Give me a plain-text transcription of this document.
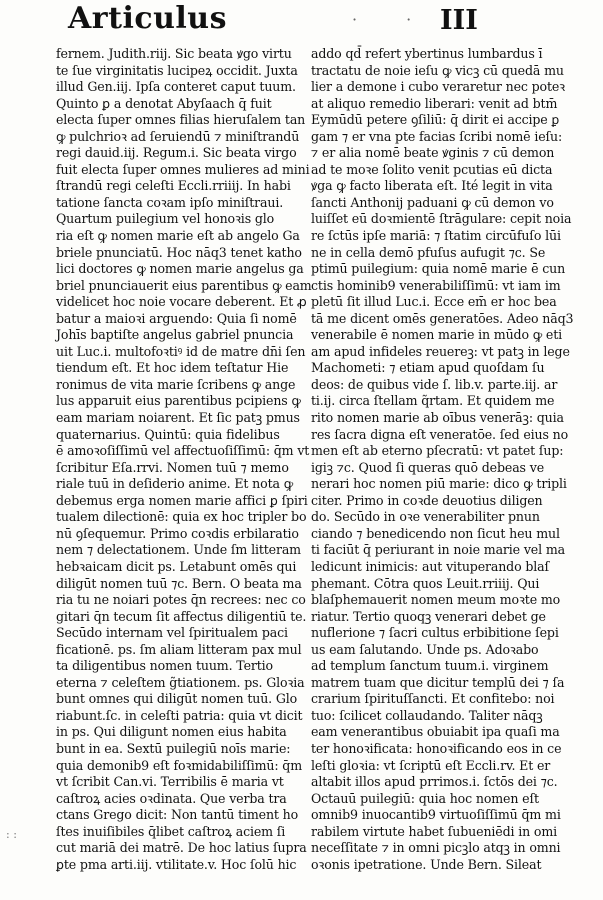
Articulus	· · III
fernem. Judith.riij. Sic beata ꝟgo virtu
te ſue virginitatis lucipeꝝ occidit. Juxta
illud Gen.iij. Ipſa conteret caput tuum.
Quinto ꝑ a denotat Abyſaach q̄ fuit
electa ſuper omnes filias hieruſalem tan
ꝙ pulchrioꝛ ad ſeruiendū ⁊ miniſtrandū
regi dauid.iij. Regum.i. Sic beata virgo
fuit electa ſuper omnes mulieres ad mini
ſtrandū regi celeſti Eccli.rriiij. In habi
tatione ſancta coꝛam ipſo miniſtraui.
Quartum puilegium vel honoꝛis glo
ria eſt ꝙ nomen marie eſt ab angelo Ga
briele pnunciatū. Hoc nāq3 tenet katho
lici doctores ꝙ nomen marie angelus ga
briel pnunciauerit eius parentibus ꝙ eam
videlicet hoc noie vocare deberent. Et ꝓ
batur a maioꝛi arguendo: Quia ſi nomē
Johīs baptiſte angelus gabriel pnuncia
uit Luc.i. multofoꝛtiꝰ id de matre dn̄i ſen
tiendum eſt. Et hoc idem teſtatur Hie
ronimus de vita marie ſcribens ꝙ ange
lus apparuit eius parentibus pcipiens ꝙ
eam mariam noiarent. Et ſic patꝫ pmus
quaternarius. Quintū: quia fidelibus
ē amoꝛoſiſſimū vel affectuoſiſſimū: q̄m vt
ſcribitur Eſa.rrvi. Nomen tuū ⁊ memo
riale tuū in deſiderio anime. Et nota ꝙ
debemus erga nomen marie affici ꝑ ſpiri
tualem dilectionē: quia ex hoc tripler bo
nū ꝯſequemur. Primo coꝛdis erbilaratio
nem ⁊ delectationem. Unde ſm litteram
hebꝛaicam dicit ps. Letabunt omēs qui
diligūt nomen tuū ⁊c. Bern. O beata ma
ria tu ne noiari potes q̄n recrees: nec co
gitari q̄n tecum ſit affectus diligentiū te.
Secūdo internam vel ſpiritualem paci
ficationē. ps. ſm aliam litteram pax mul
ta diligentibus nomen tuum. Tertio
eterna ⁊ celeſtem g̃tiationem. ps. Gloꝛia
bunt omnes qui diligūt nomen tuū. Glo
riabunt.ſc. in celeſti patria: quia vt dicit
in ps. Qui diligunt nomen eius habita
bunt in ea. Sextū puilegiū noīs marie:
quia demonib9 eſt foꝛmidabiliſſimū: q̄m
vt ſcribit Can.vi. Terribilis ē maria vt
caſtroꝝ acies oꝛdinata. Que verba tra
ctans Grego dicit: Non tantū timent ho
ſtes inuiſibiles q̄libet caſtroꝝ aciem ſi
cut mariā dei matrē. De hoc latius ſupra
ꝑte pma arti.iij. vtilitate.v. Hoc ſolū hic
addo qd̄ refert ybertinus lumbardus ī
tractatu de noie ieſu ꝙ vicꝫ cū quedā mu
lier a demone i cubo veraretur nec poteꝛ
at aliquo remedio liberari: venit ad btm̄
Eymūdū petere ꝯſiliū: q̄ dirit ei accipe ꝑ
gam ⁊ er vna pte facias ſcribi nomē ieſu:
⁊ er alia nomē beate ꝟginis ⁊ cū demon
ad te moꝛe ſolito venit pcutias eū dicta
ꝟga ꝙ facto liberata eſt. Ité legit in vita
ſancti Anthonij paduani ꝙ cū demon vo
luiſſet eū doꝛmientē ſtrāgulare: cepit noia
re ſctūs ipſe mariā: ⁊ ſtatim circūfuſo lūi
ne in cella demō pfuſus aufugit ⁊c. Se
ptimū puilegium: quia nomē marie ē cun
ctis hominib9 venerabiliſſimū: vt iam im
pletū ſit illud Luc.i. Ecce em̄ er hoc bea
tā me dicent omēs generatōes. Adeo nāq3
venerabile ē nomen marie in mūdo ꝙ eti
am apud infideles reuereꝫ: vt patꝫ in lege
Machometi: ⁊ etiam apud quoſdam ſu
deos: de quibus vide ſ. lib.v. parte.iij. ar
ti.ij. circa ſtellam q̃rtam. Et quidem me
rito nomen marie ab oībus venerāꝫ: quia
res ſacra digna eſt veneratōe. ſed eius no
men eſt ab eterno pſecratū: vt patet ſup:
igiꝫ ⁊c. Quod ſi queras quō debeas ve
nerari hoc nomen piū marie: dico ꝙ tripli
citer. Primo in coꝛde deuotius diligen
do. Secūdo in oꝛe venerabiliter pnun
ciando ⁊ benedicendo non ſicut heu mul
ti faciūt q̄ periurant in noie marie vel ma
ledicunt inimicis: aut vituperando blaſ
phemant. Cōtra quos Leuit.rriiij. Qui
blaſphemauerit nomen meum moꝛte mo
riatur. Tertio quoqꝫ venerari debet ge
nuflerione ⁊ ſacri cultus erbibitione ſepi
us eam ſalutando. Unde ps. Adoꝛabo
ad templum ſanctum tuum.i. virginem
matrem tuam que dicitur templū dei ⁊ ſa
crarium ſpirituſſancti. Et confitebo: noi
tuo: ſcilicet collaudando. Taliter nāqꝫ
eam venerantibus obuiabit ipa quaſi ma
ter honoꝛificata: honoꝛificando eos in ce
leſti gloꝛia: vt ſcriptū eſt Eccli.rv. Et er
altabit illos apud prrimos.i. ſctōs dei ⁊c.
Octauū puilegiū: quia hoc nomen eſt
omnib9 inuocantib9 virtuoſiſſimū q̄m mi
rabilem virtute habet ſubueniēdi in omi
neceſſitate ⁊ in omni picꝫlo atqꝫ in omni
oꝛonis ipetratione. Unde Bern. Sileat
: :
